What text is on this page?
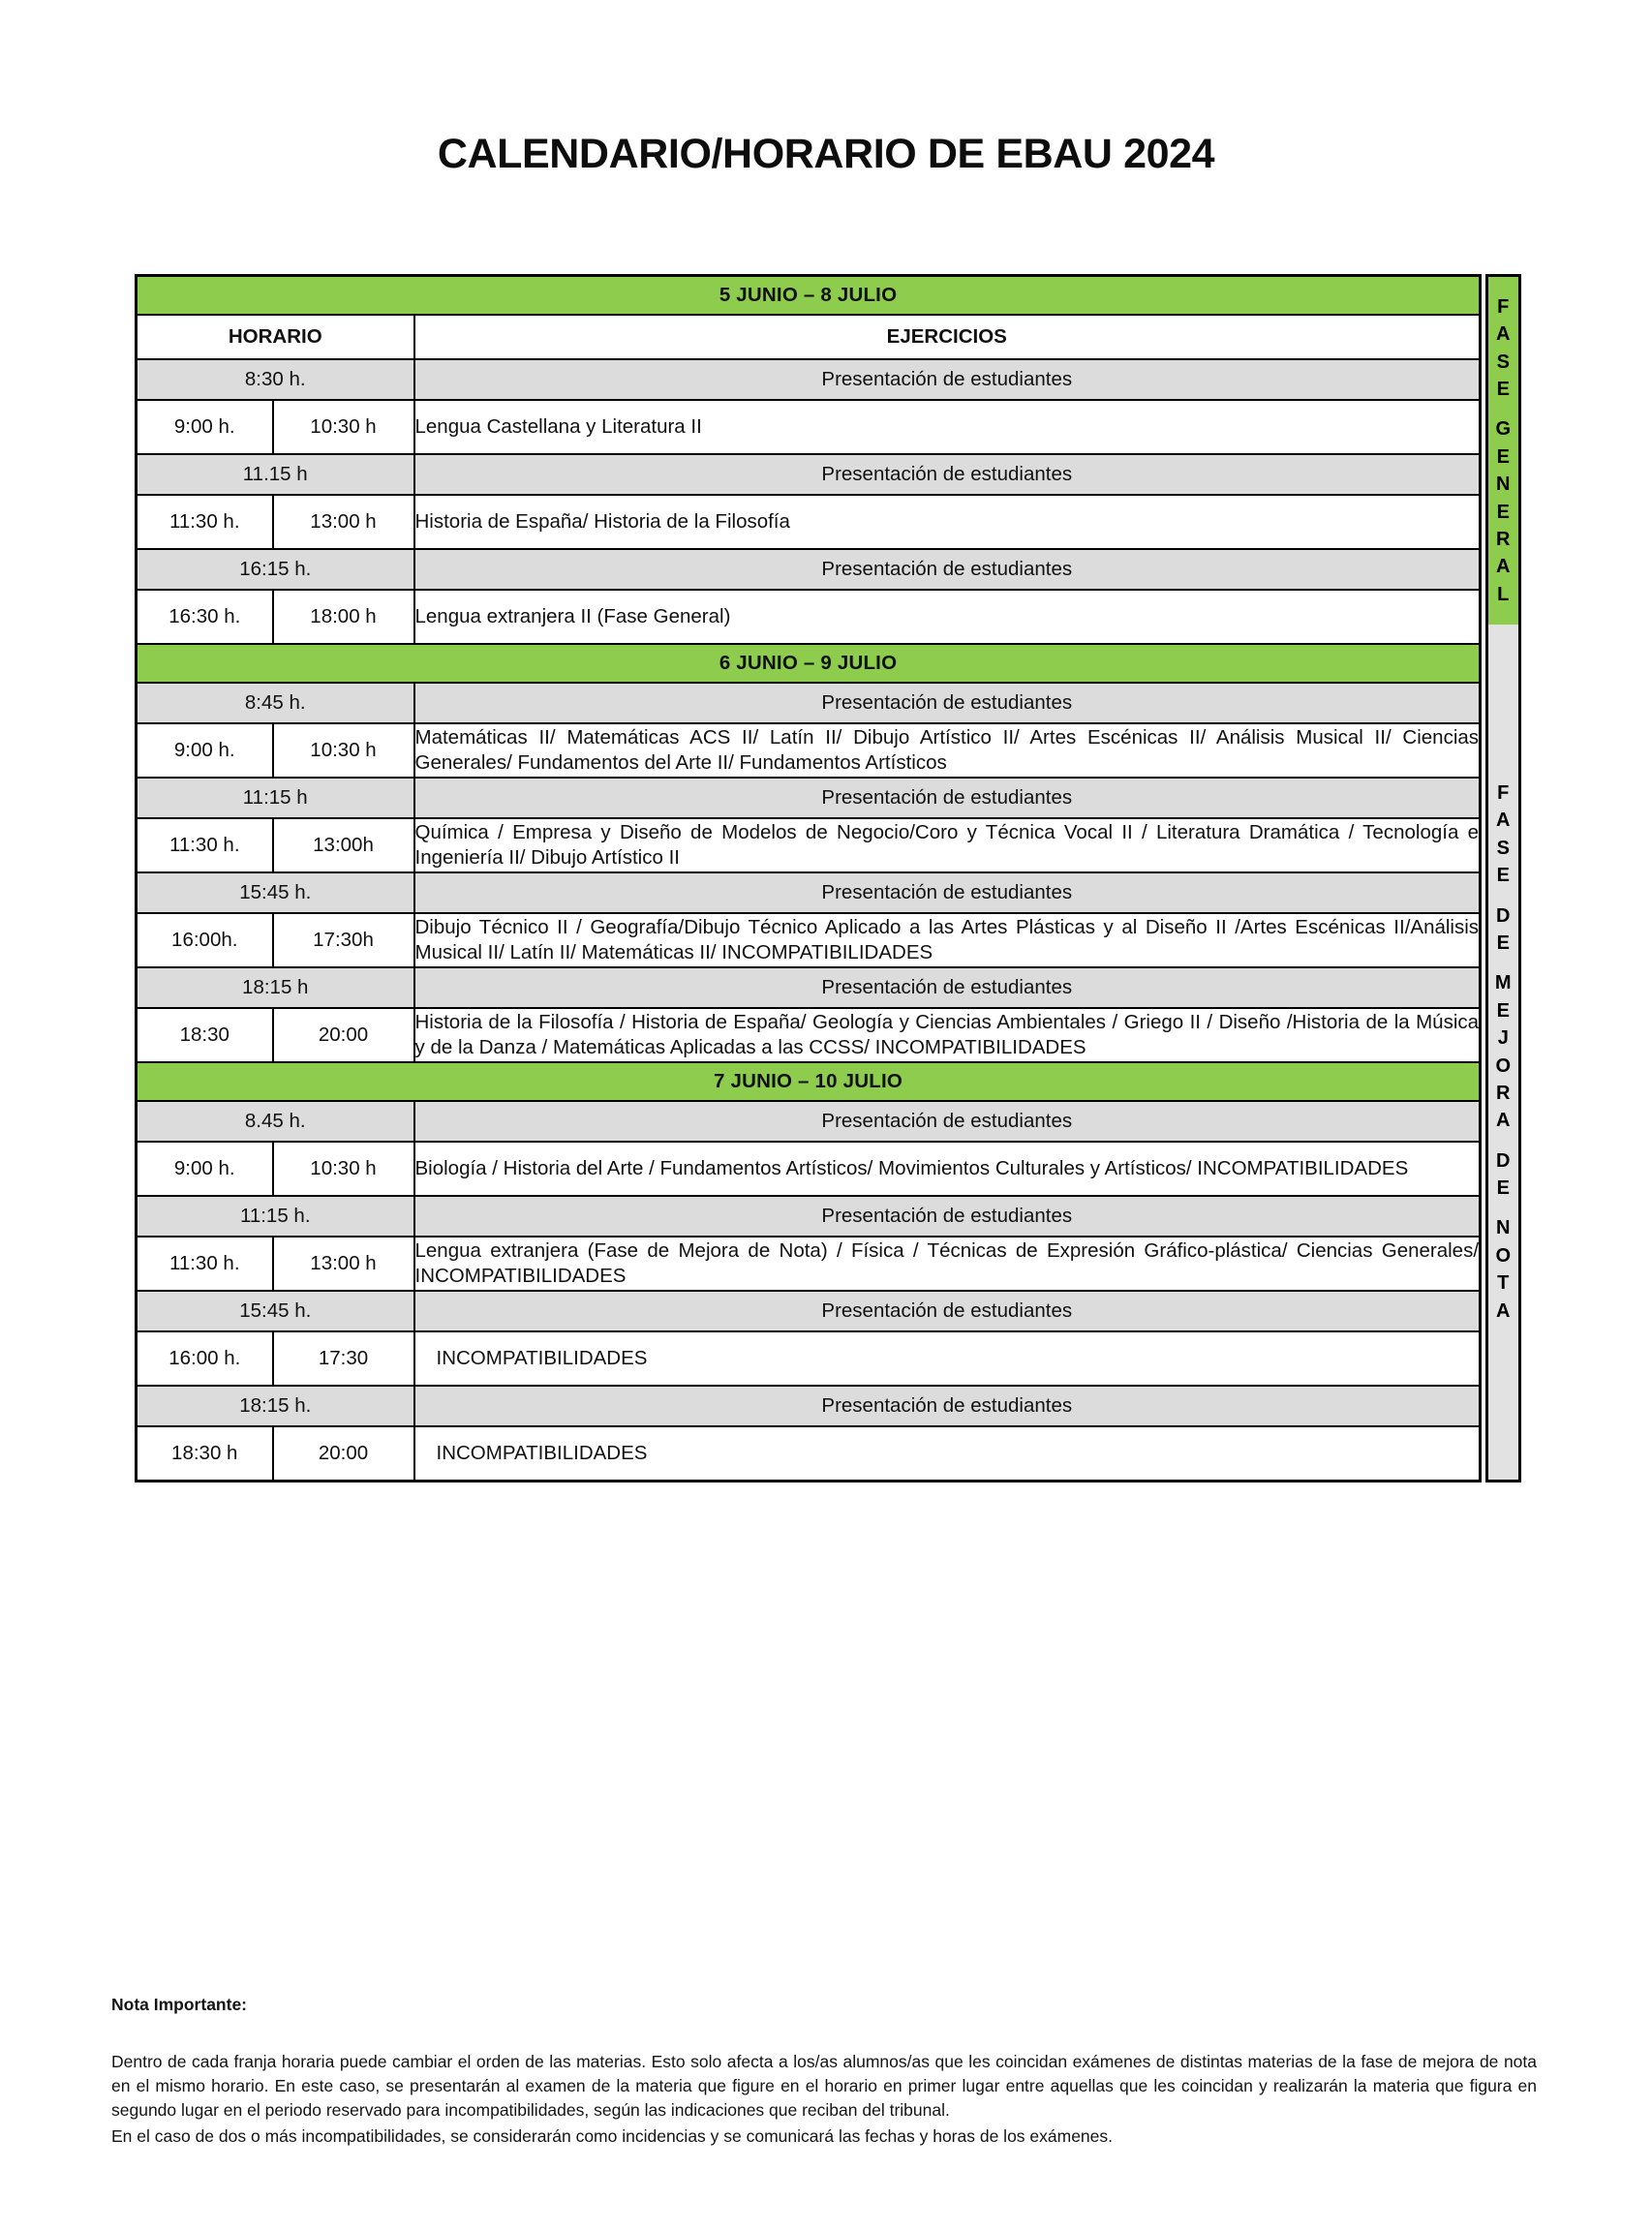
CALENDARIO/HORARIO DE EBAU 2024
5 JUNIO – 8 JULIO		
HORARIO		EJERCICIOS
8:30 h.		Presentación de estudiantes
9:00 h.	10:30 h	Lengua Castellana y Literatura II
11.15 h		Presentación de estudiantes
11:30 h.	13:00 h	Historia de España/ Historia de la Filosofía
16:15 h.		Presentación de estudiantes
16:30 h.	18:00 h	Lengua extranjera II (Fase General)
6 JUNIO – 9 JULIO		
8:45 h.		Presentación de estudiantes
9:00 h.	10:30 h	Matemáticas II/ Matemáticas ACS II/ Latín II/ Dibujo Artístico II/ Artes Escénicas II/ Análisis Musical II/ Ciencias Generales/ Fundamentos del Arte II/ Fundamentos Artísticos
11:15 h		Presentación de estudiantes
11:30 h.	13:00h	Química / Empresa y Diseño de Modelos de Negocio/Coro y Técnica Vocal II / Literatura Dramática / Tecnología e Ingeniería II/ Dibujo Artístico II
15:45 h.		Presentación de estudiantes
16:00h.	17:30h	Dibujo Técnico II / Geografía/Dibujo Técnico Aplicado a las Artes Plásticas y al Diseño II /Artes Escénicas II/Análisis Musical II/ Latín II/ Matemáticas II/ INCOMPATIBILIDADES
18:15 h		Presentación de estudiantes
18:30	20:00	Historia de la Filosofía / Historia de España/ Geología y Ciencias Ambientales / Griego II / Diseño /Historia de la Música y de la Danza / Matemáticas Aplicadas a las CCSS/ INCOMPATIBILIDADES
7 JUNIO – 10 JULIO		
8.45 h.		Presentación de estudiantes
9:00 h.	10:30 h	Biología / Historia del Arte / Fundamentos Artísticos/ Movimientos Culturales y Artísticos/ INCOMPATIBILIDADES
11:15 h.		Presentación de estudiantes
11:30 h.	13:00 h	Lengua extranjera (Fase de Mejora de Nota) / Física / Técnicas de Expresión Gráfico-plástica/ Ciencias Generales/ INCOMPATIBILIDADES
15:45 h.		Presentación de estudiantes
16:00 h.	17:30	INCOMPATIBILIDADES
18:15 h.		Presentación de estudiantes
18:30 h	20:00	INCOMPATIBILIDADES
F
A
S
E
G
E
N
E
R
A
L
F
A
S
E
D
E
M
E
J
O
R
A
D
E
N
O
T
A
Nota Importante:

Dentro de cada franja horaria puede cambiar el orden de las materias. Esto solo afecta a los/as alumnos/as que les coincidan exámenes de distintas materias de la fase de mejora de nota en el mismo horario. En este caso, se presentarán al examen de la materia que figure en el horario en primer lugar entre aquellas que les coincidan y realizarán la materia que figura en segundo lugar en el periodo reservado para incompatibilidades, según las indicaciones que reciban del tribunal.

En el caso de dos o más incompatibilidades, se considerarán como incidencias y se comunicará las fechas y horas de los exámenes.
